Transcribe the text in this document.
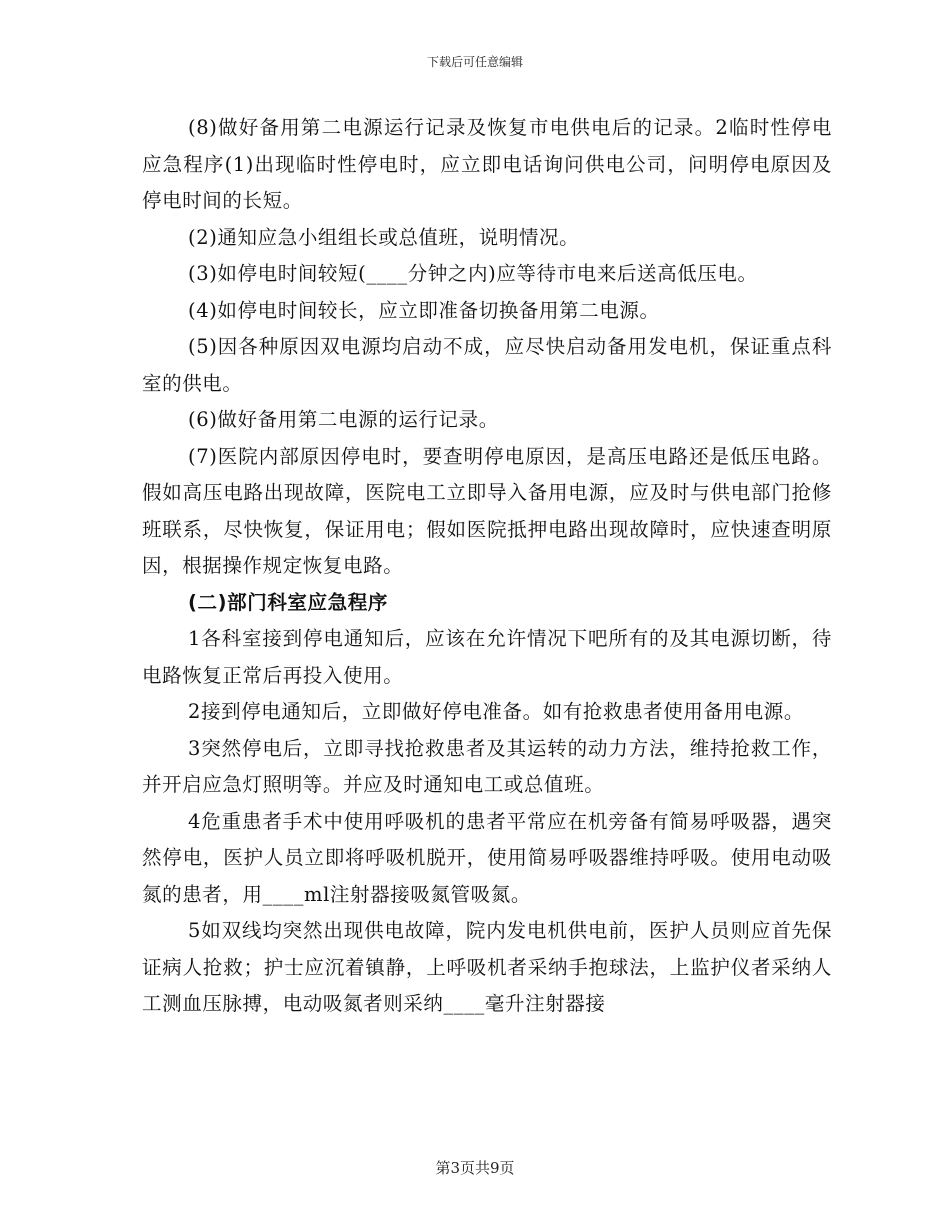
下载后可任意编辑

(8)做好备用第二电源运行记录及恢复市电供电后的记录。2临时性停电应急程序(1)出现临时性停电时，应立即电话询问供电公司，问明停电原因及停电时间的长短。

(2)通知应急小组组长或总值班，说明情况。

(3)如停电时间较短(____分钟之内)应等待市电来后送高低压电。

(4)如停电时间较长，应立即准备切换备用第二电源。

(5)因各种原因双电源均启动不成，应尽快启动备用发电机，保证重点科室的供电。

(6)做好备用第二电源的运行记录。

(7)医院内部原因停电时，要查明停电原因，是高压电路还是低压电路。假如高压电路出现故障，医院电工立即导入备用电源，应及时与供电部门抢修班联系，尽快恢复，保证用电；假如医院抵押电路出现故障时，应快速查明原因，根据操作规定恢复电路。

(二)部门科室应急程序

1各科室接到停电通知后，应该在允许情况下吧所有的及其电源切断，待电路恢复正常后再投入使用。

2接到停电通知后，立即做好停电准备。如有抢救患者使用备用电源。

3突然停电后，立即寻找抢救患者及其运转的动力方法，维持抢救工作，并开启应急灯照明等。并应及时通知电工或总值班。

4危重患者手术中使用呼吸机的患者平常应在机旁备有简易呼吸器，遇突然停电，医护人员立即将呼吸机脱开，使用简易呼吸器维持呼吸。使用电动吸氮的患者，用____ml注射器接吸氮管吸氮。

5如双线均突然出现供电故障，院内发电机供电前，医护人员则应首先保证病人抢救；护士应沉着镇静，上呼吸机者采纳手抱球法，上监护仪者采纳人工测血压脉搏，电动吸氮者则采纳____毫升注射器接

第3页共9页
